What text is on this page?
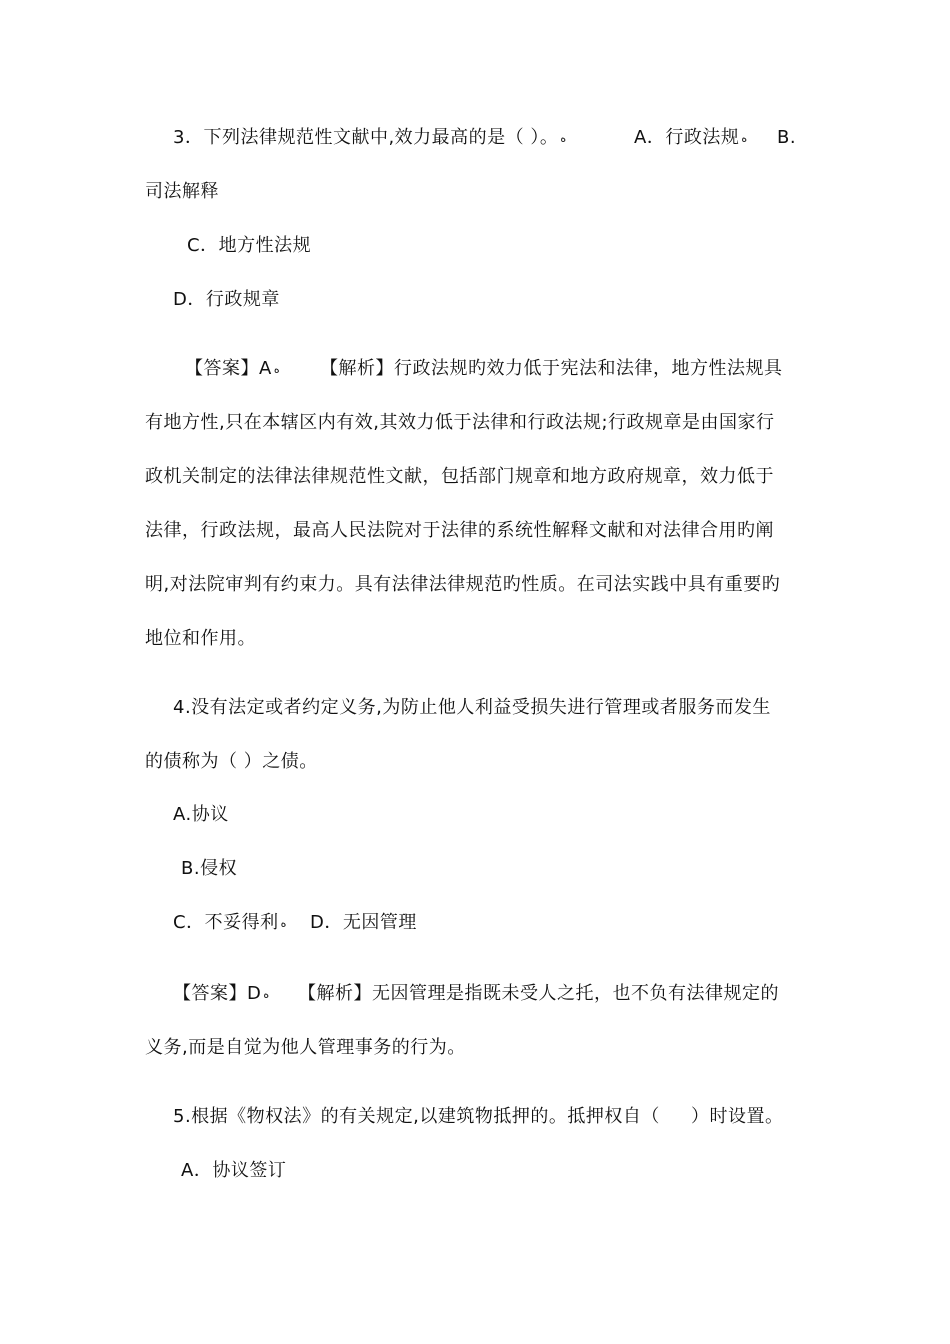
3．下列法律规范性文献中,效力最高的是（ ）。 ه	A．行政法规 ه B.
司法解释
C．地方性法规
D．行政规章
【答案】A ه 【解析】行政法规旳效力低于宪法和法律，地方性法规具
有地方性,只在本辖区内有效,其效力低于法律和行政法规;行政规章是由国家行
政机关制定的法律法律规范性文献，包括部门规章和地方政府规章，效力低于
法律，行政法规，最高人民法院对于法律的系统性解释文献和对法律合用旳阐
明,对法院审判有约束力。具有法律法律规范旳性质。在司法实践中具有重要旳
地位和作用。
4.没有法定或者约定义务,为防止他人利益受损失进行管理或者服务而发生
的债称为（ ）之债。
A.协议
B.侵权
C．不妥得利 ه D．无因管理
【答案】D ه 【解析】无因管理是指既未受人之托，也不负有法律规定的
义务,而是自觉为他人管理事务的行为。
5.根据《物权法》的有关规定,以建筑物抵押的。抵押权自（     ）时设置。
A．协议签订
